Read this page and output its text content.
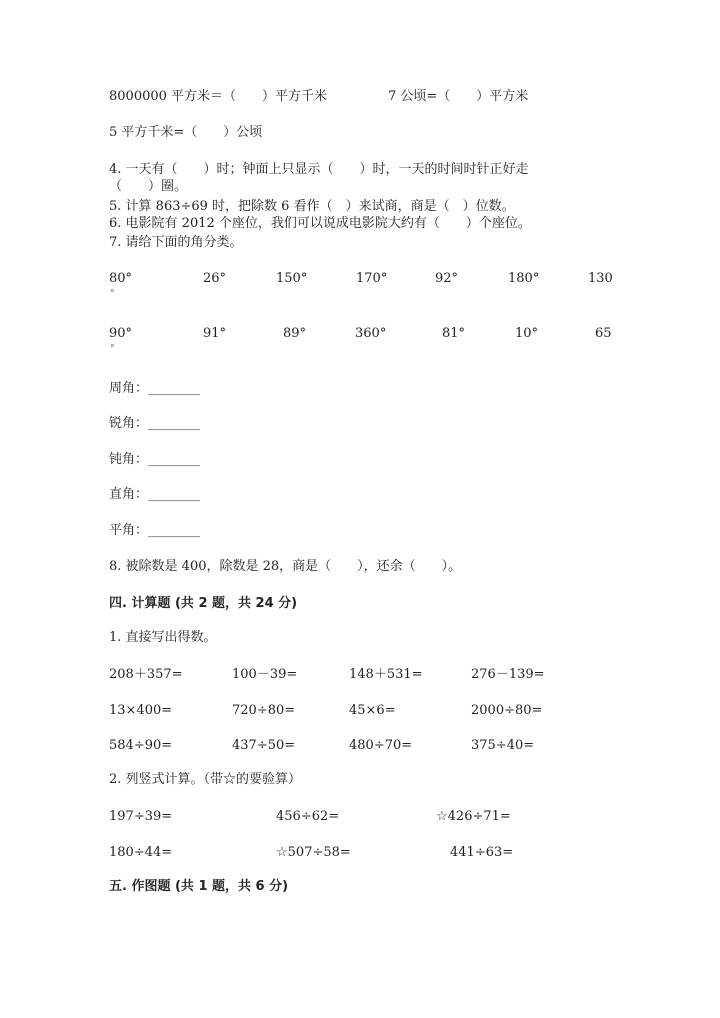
8000000 平方米＝（　　）平方千米	7 公顷=（　　）平方米
5 平方千米=（　　）公顷
4. 一天有（　　）时；钟面上只显示（　　）时，一天的时间时针正好走
（　　）圈。
5. 计算 863÷69 时，把除数 6 看作（　）来试商，商是（　）位数。
6. 电影院有 2012 个座位，我们可以说成电影院大约有（　　）个座位。
7. 请给下面的角分类。
80°	26°	150°	170°	92°	180°	130
°
90°	91°	89°	360°	81°	10°	65
°
周角：________
锐角：________
钝角：________
直角：________
平角：________
8. 被除数是 400，除数是 28，商是（　　），还余（　　）。
四. 计算题 (共 2 题，共 24 分)
1. 直接写出得数。
208＋357=	100－39=	148＋531=	276－139=
13×400=	720÷80=	45×6=	2000÷80=
584÷90=	437÷50=	480÷70=	375÷40=
2. 列竖式计算。（带☆的要验算）
197÷39=	456÷62=	☆426÷71=
180÷44=	☆507÷58=	441÷63=
五. 作图题 (共 1 题，共 6 分)
